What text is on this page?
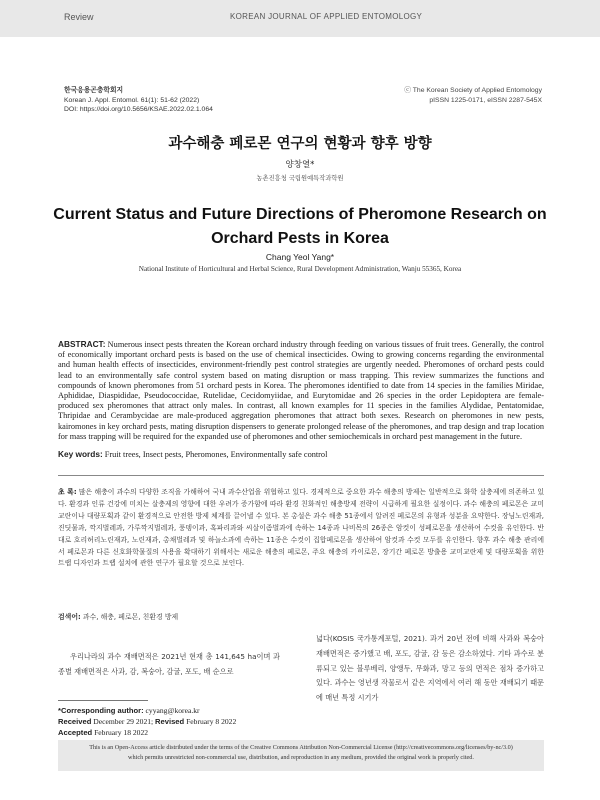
Review	KOREAN JOURNAL OF APPLIED ENTOMOLOGY
한국응용곤충학회지
Korean J. Appl. Entomol. 61(1): 51-62 (2022)
DOI: https://doi.org/10.5656/KSAE.2022.02.1.064
ⓒ The Korean Society of Applied Entomology
pISSN 1225-0171, eISSN 2287-545X
과수해충 페로몬 연구의 현황과 향후 방향
양창열*
농촌진흥청 국립원예특작과학원
Current Status and Future Directions of Pheromone Research on Orchard Pests in Korea
Chang Yeol Yang*
National Institute of Horticultural and Herbal Science, Rural Development Administration, Wanju 55365, Korea
ABSTRACT: Numerous insect pests threaten the Korean orchard industry through feeding on various tissues of fruit trees. Generally, the control of economically important orchard pests is based on the use of chemical insecticides. Owing to growing concerns regarding the environmental and human health effects of insecticides, environment-friendly pest control strategies are urgently needed. Pheromones of orchard pests could lead to an environmentally safe control system based on mating disruption or mass trapping. This review summarizes the functions and compounds of known pheromones from 51 orchard pests in Korea. The pheromones identified to date from 14 species in the families Miridae, Aphididae, Diaspididae, Pseudococcidae, Rutelidae, Cecidomyiidae, and Eurytomidae and 26 species in the order Lepidoptera are female-produced sex pheromones that attract only males. In contrast, all known examples for 11 species in the families Alydidae, Pentatomidae, Thripidae and Cerambycidae are male-produced aggregation pheromones that attract both sexes. Research on pheromones in new pests, kairomones in key orchard pests, mating disruption dispensers to generate prolonged release of the pheromones, and trap design and trap location for mass trapping will be required for the expanded use of pheromones and other semiochemicals in orchard pest management in the future.
Key words: Fruit trees, Insect pests, Pheromones, Environmentally safe control
초 록: 많은 해충이 과수의 다양한 조직을 가해하여 국내 과수산업을 위협하고 있다. 경제적으로 중요한 과수 해충의 방제는 일반적으로 화학 살충제에 의존하고 있다. 환경과 인류 건강에 미치는 살충제의 영향에 대한 우려가 증가함에 따라 환경 친화적인 해충방제 전략이 시급하게 필요한 실정이다. 과수 해충의 페로몬은 교미교란이나 대량포획과 같이 환경적으로 안전한 방제 체계를 끌어낼 수 있다. 본 총설은 과수 해충 51종에서 알려진 페로몬의 유형과 성분을 요약한다. 장님노린재과, 진딧물과, 깍지벌레과, 가루깍지벌레과, 풍뎅이과, 혹파리과와 씨살이좀벌과에 속하는 14종과 나비목의 26종은 암컷이 성페로몬을 생산하여 수컷을 유인한다. 반대로 호리허리노린재과, 노린재과, 총채벌레과 및 하늘소과에 속하는 11종은 수컷이 집합페로몬을 생산하여 암컷과 수컷 모두를 유인한다. 향후 과수 해충 관리에서 페로몬과 다른 신호화학물질의 사용을 확대하기 위해서는 새로운 해충의 페로몬, 주요 해충의 카이로몬, 장기간 페로몬 방출용 교미교란제 및 대량포획을 위한 트랩 디자인과 트랩 설치에 관한 연구가 필요할 것으로 보인다.
검색어: 과수, 해충, 페로몬, 친환경 방제
우리나라의 과수 재배면적은 2021년 현재 총 141,645 ha이며 과종별 재배면적은 사과, 감, 복숭아, 감귤, 포도, 배 순으로
넓다(KOSIS 국가통계포털, 2021). 과거 20년 전에 비해 사과와 복숭아 재배면적은 증가했고 배, 포도, 감귤, 감 등은 감소하였다. 기타 과수로 분류되고 있는 블루베리, 양앵두, 무화과, 망고 등의 면적은 점차 증가하고 있다. 과수는 영년생 작물로서 같은 지역에서 여러 해 동안 재배되기 때문에 매년 특정 시기가
*Corresponding author: cyyang@korea.kr
Received December 29 2021; Revised February 8 2022
Accepted February 18 2022
This is an Open-Access article distributed under the terms of the Creative Commons Attribution Non-Commercial License (http://creativecommons.org/licenses/by-nc/3.0)
which permits unrestricted non-commercial use, distribution, and reproduction in any medium, provided the original work is properly cited.
